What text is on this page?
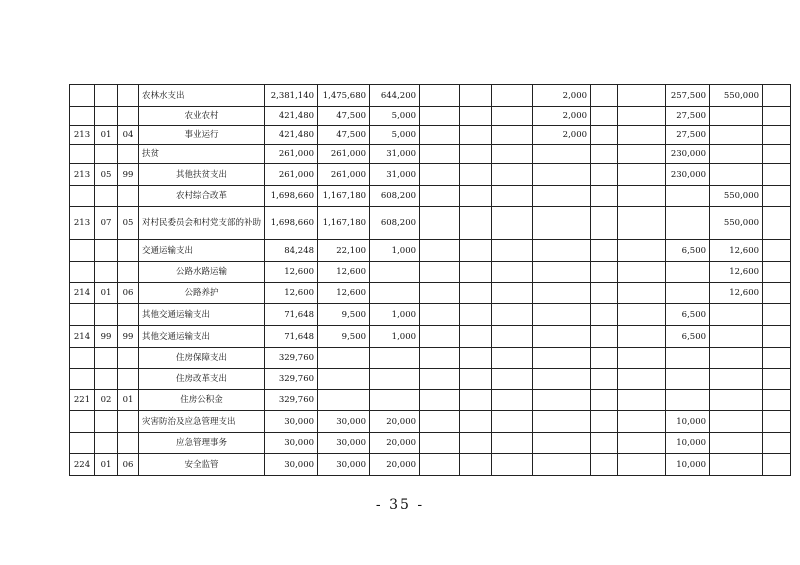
			农林水支出	2,381,140	1,475,680	644,200				2,000			257,500	550,000	
			农业农村	421,480	47,500	5,000				2,000			27,500		
213	01	04	事业运行	421,480	47,500	5,000				2,000			27,500		
			扶贫	261,000	261,000	31,000							230,000		
213	05	99	其他扶贫支出	261,000	261,000	31,000							230,000		
			农村综合改革	1,698,660	1,167,180	608,200								550,000	
213	07	05	对村民委员会和村党支部的补助	1,698,660	1,167,180	608,200								550,000	
			交通运输支出	84,248	22,100	1,000							6,500	12,600	
			公路水路运输	12,600	12,600									12,600	
214	01	06	公路养护	12,600	12,600									12,600	
			其他交通运输支出	71,648	9,500	1,000							6,500		
214	99	99	其他交通运输支出	71,648	9,500	1,000							6,500		
			住房保障支出	329,760											
			住房改革支出	329,760											
221	02	01	住房公积金	329,760											
			灾害防治及应急管理支出	30,000	30,000	20,000							10,000		
			应急管理事务	30,000	30,000	20,000							10,000		
224	01	06	安全监管	30,000	30,000	20,000							10,000		
- 35 -
